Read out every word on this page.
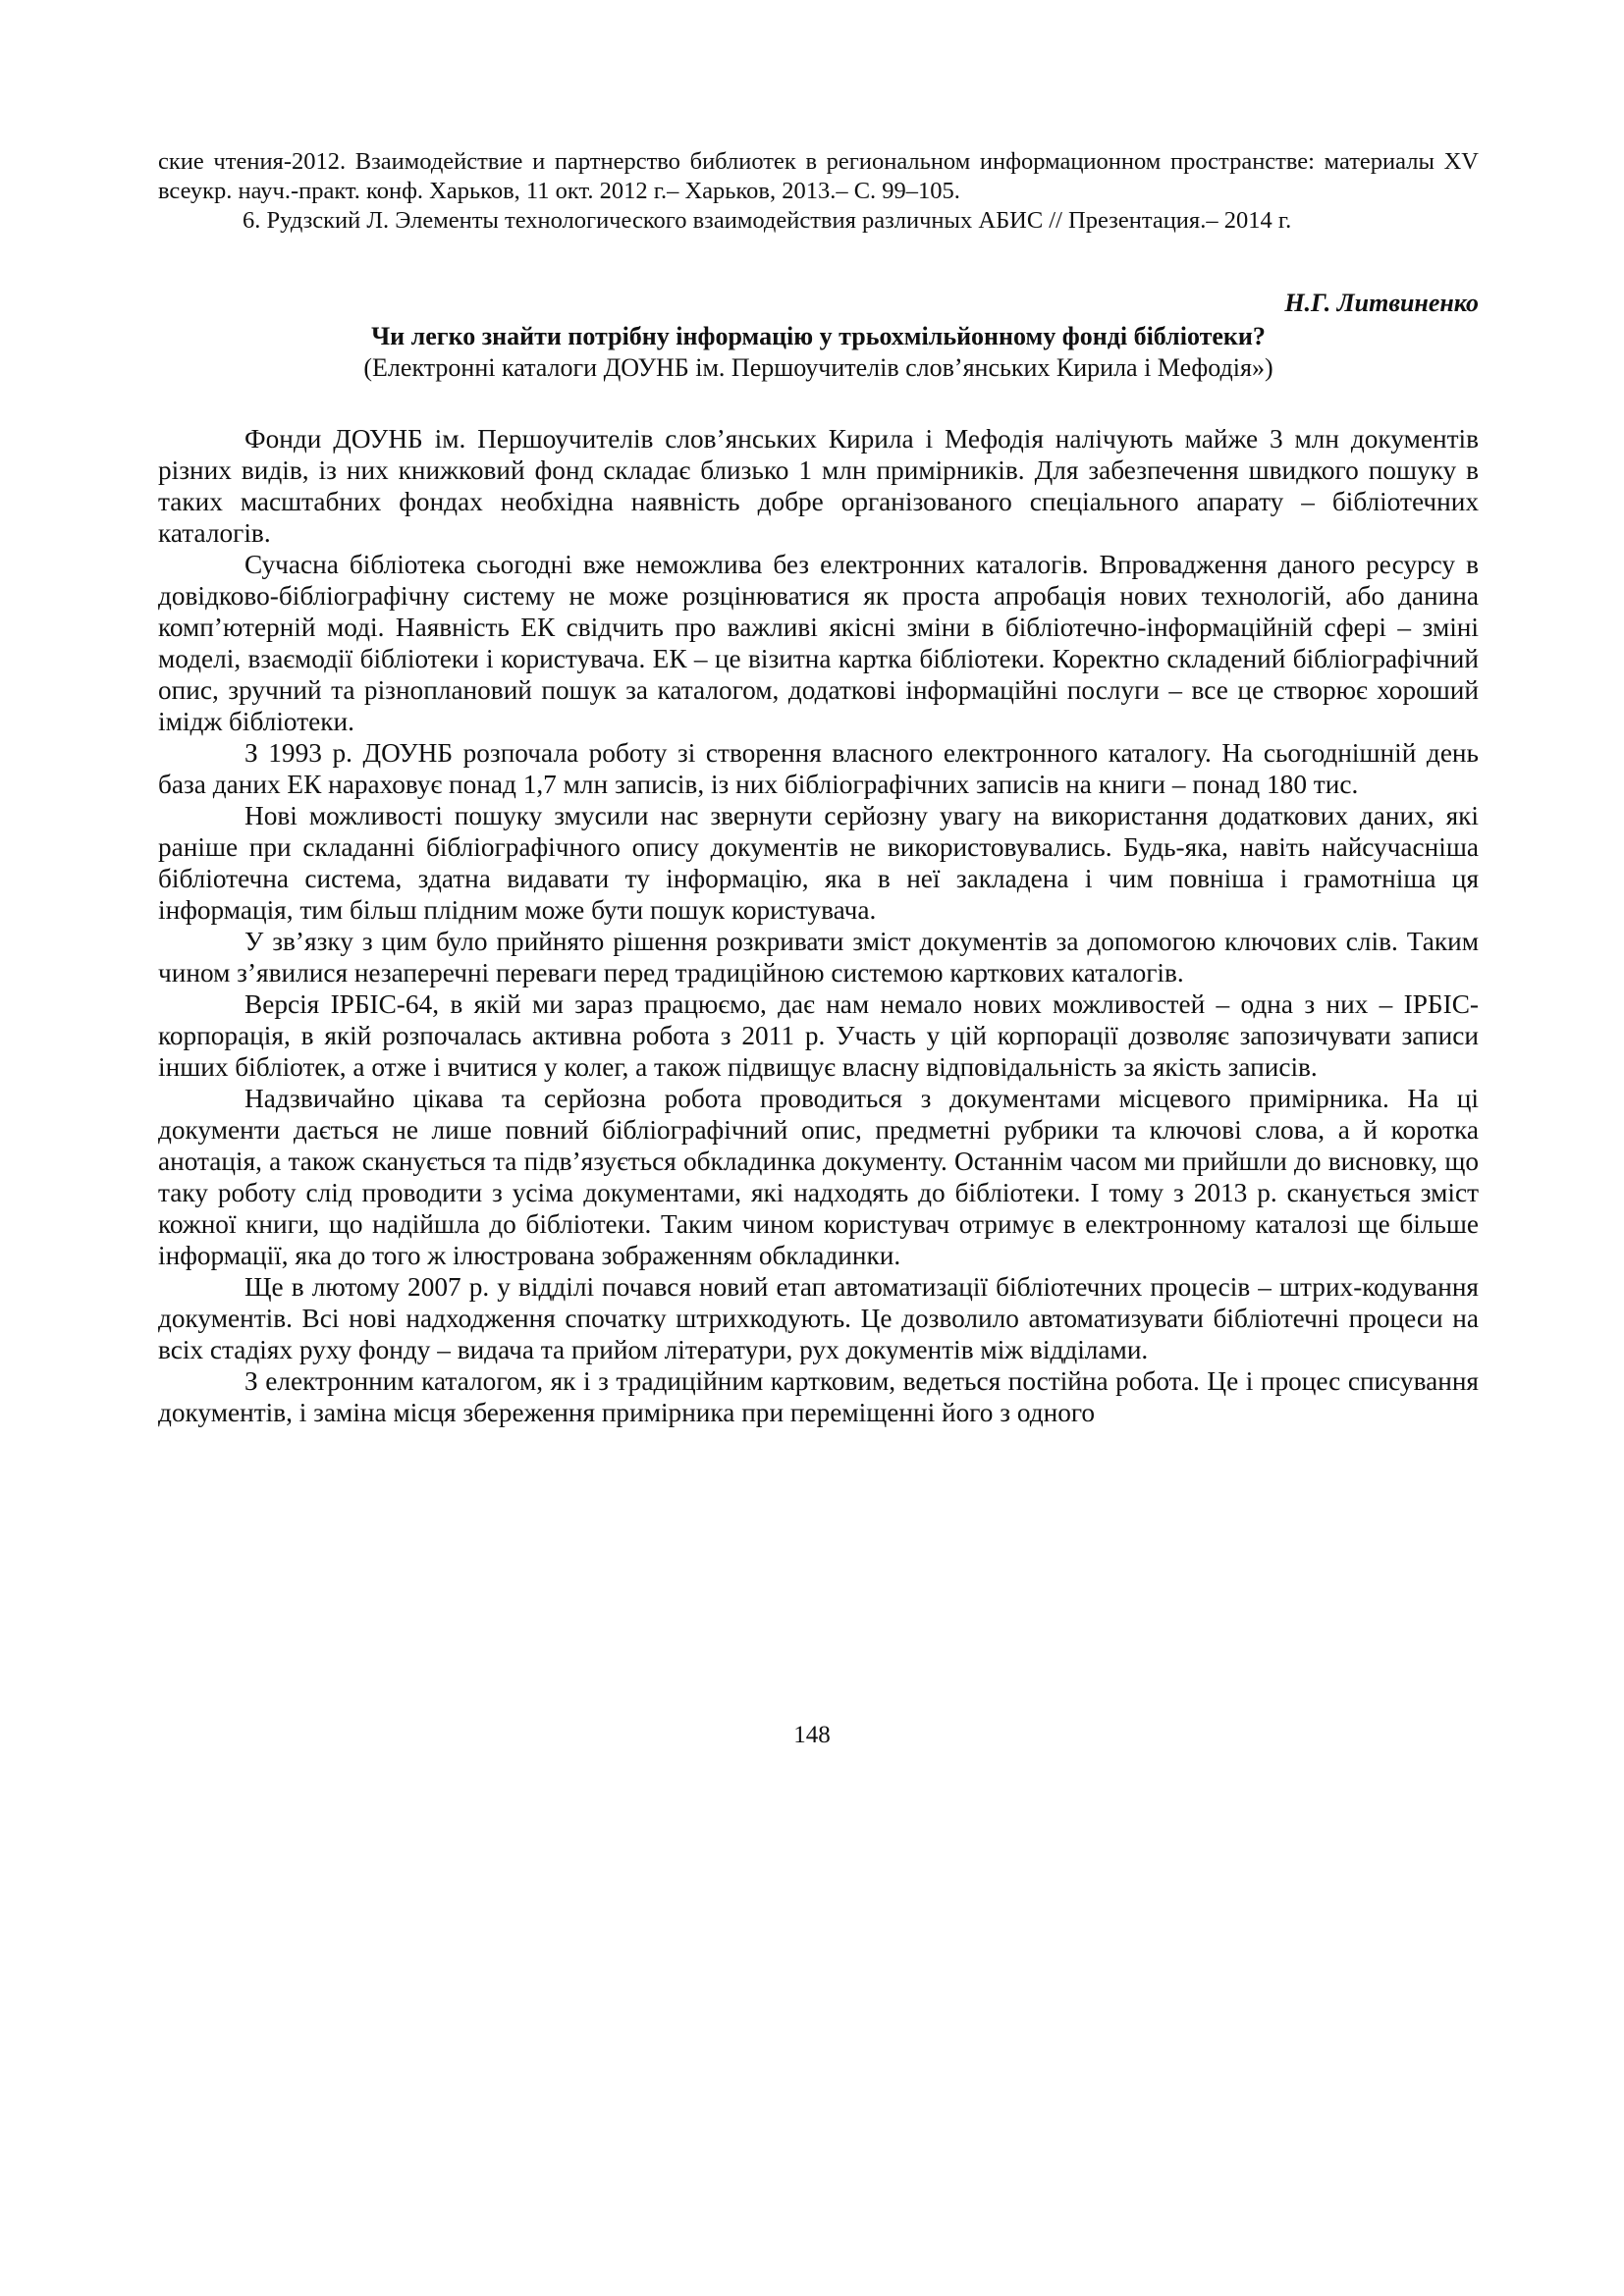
ские чтения-2012. Взаимодействие и партнерство библиотек в региональном информационном пространстве: материалы XV всеукр. науч.-практ. конф. Харьков, 11 окт. 2012 г.– Харьков, 2013.– С. 99–105.

6. Рудзский Л. Элементы технологического взаимодействия различных АБИС // Презентация.– 2014 г.

Н.Г. Литвиненко
Чи легко знайти потрібну інформацію у трьохмільйонному фонді бібліотеки?
(Електронні каталоги ДОУНБ ім. Першоучителів слов’янських Кирила і Мефодія»)

Фонди ДОУНБ ім. Першоучителів слов’янських Кирила і Мефодія налічують майже 3 млн документів різних видів, із них книжковий фонд складає близько 1 млн примірників. Для забезпечення швидкого пошуку в таких масштабних фондах необхідна наявність добре організованого спеціального апарату – бібліотечних каталогів.

Сучасна бібліотека сьогодні вже неможлива без електронних каталогів. Впровадження даного ресурсу в довідково-бібліографічну систему не може розцінюватися як проста апробація нових технологій, або данина комп’ютерній моді. Наявність ЕК свідчить про важливі якісні зміни в бібліотечно-інформаційній сфері – зміні моделі, взаємодії бібліотеки і користувача. ЕК – це візитна картка бібліотеки. Коректно складений бібліографічний опис, зручний та різноплановий пошук за каталогом, додаткові інформаційні послуги – все це створює хороший імідж бібліотеки.

З 1993 р. ДОУНБ розпочала роботу зі створення власного електронного каталогу. На сьогоднішній день база даних ЕК нараховує понад 1,7 млн записів, із них бібліографічних записів на книги – понад 180 тис.

Нові можливості пошуку змусили нас звернути серйозну увагу на використання додаткових даних, які раніше при складанні бібліографічного опису документів не використовувались. Будь-яка, навіть найсучасніша бібліотечна система, здатна видавати ту інформацію, яка в неї закладена і чим повніша і грамотніша ця інформація, тим більш плідним може бути пошук користувача.

У зв’язку з цим було прийнято рішення розкривати зміст документів за допомогою ключових слів. Таким чином з’явилися незаперечні переваги перед традиційною системою карткових каталогів.

Версія ІРБІС-64, в якій ми зараз працюємо, дає нам немало нових можливостей – одна з них – ІРБІС-корпорація, в якій розпочалась активна робота з 2011 р. Участь у цій корпорації дозволяє запозичувати записи інших бібліотек, а отже і вчитися у колег, а також підвищує власну відповідальність за якість записів.

Надзвичайно цікава та серйозна робота проводиться з документами місцевого примірника. На ці документи дається не лише повний бібліографічний опис, предметні рубрики та ключові слова, а й коротка анотація, а також сканується та підв’язується обкладинка документу. Останнім часом ми прийшли до висновку, що таку роботу слід проводити з усіма документами, які надходять до бібліотеки. І тому з 2013 р. сканується зміст кожної книги, що надійшла до бібліотеки. Таким чином користувач отримує в електронному каталозі ще більше інформації, яка до того ж ілюстрована зображенням обкладинки.

Ще в лютому 2007 р. у відділі почався новий етап автоматизації бібліотечних процесів – штрих-кодування документів. Всі нові надходження спочатку штрихкодують. Це дозволило автоматизувати бібліотечні процеси на всіх стадіях руху фонду – видача та прийом літератури, рух документів між відділами.

З електронним каталогом, як і з традиційним картковим, ведеться постійна робота. Це і процес списування документів, і заміна місця збереження примірника при переміщенні його з одного

148
